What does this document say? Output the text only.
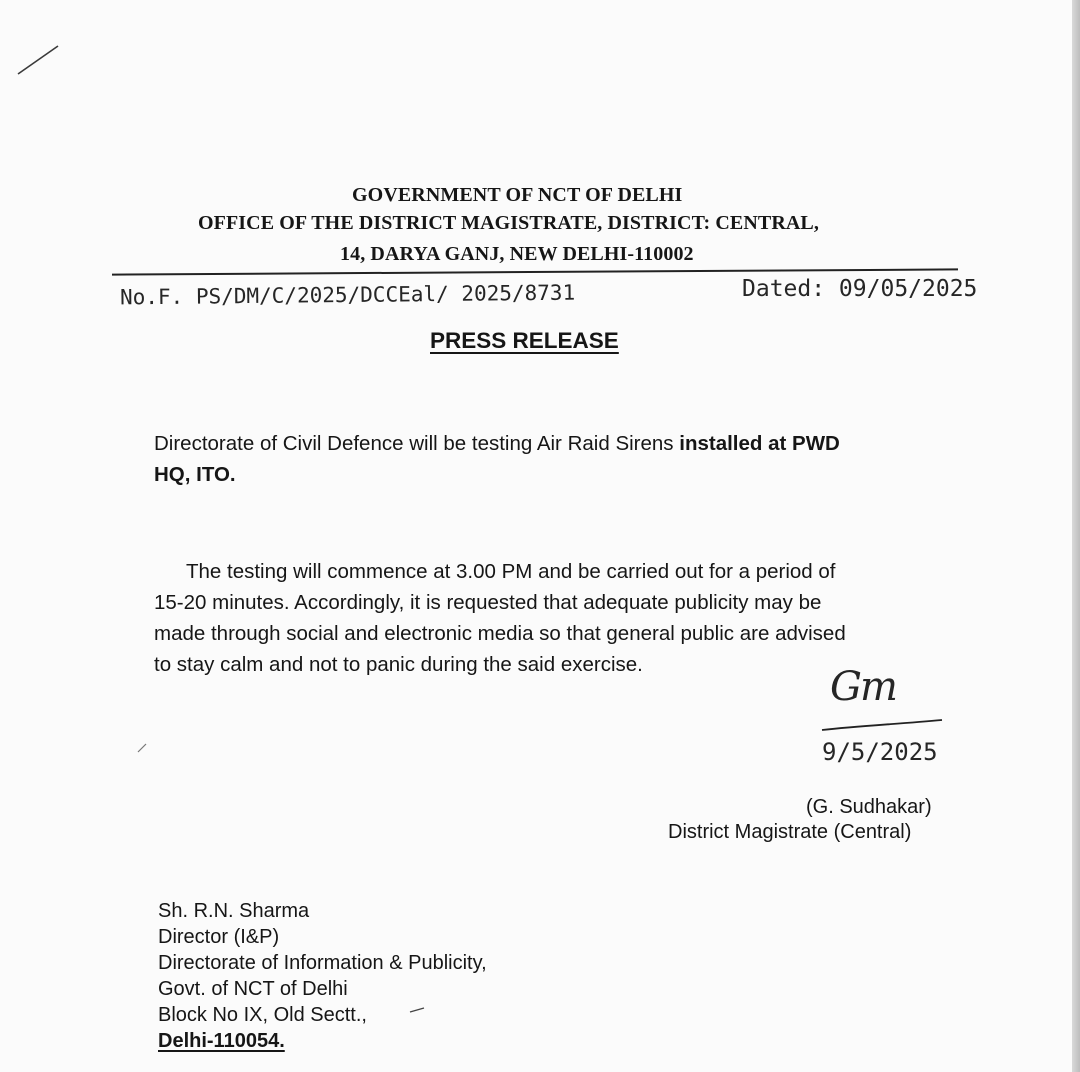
GOVERNMENT OF NCT OF DELHI
OFFICE OF THE DISTRICT MAGISTRATE, DISTRICT: CENTRAL,
14, DARYA GANJ, NEW DELHI-110002
No.F. PS/DM/C/2025/DCCEal/ 2025/8731	Dated: 09/05/2025
PRESS RELEASE
Directorate of Civil Defence will be testing Air Raid Sirens installed at PWD
HQ, ITO.
The testing will commence at 3.00 PM and be carried out for a period of
15-20 minutes. Accordingly, it is requested that adequate publicity may be
made through social and electronic media so that general public are advised
to stay calm and not to panic during the said exercise.	Gm
9/5/2025
(G. Sudhakar)
District Magistrate (Central)
Sh. R.N. Sharma
Director (I&P)
Directorate of Information & Publicity,
Govt. of NCT of Delhi
Block No IX, Old Sectt.,
Delhi-110054.
